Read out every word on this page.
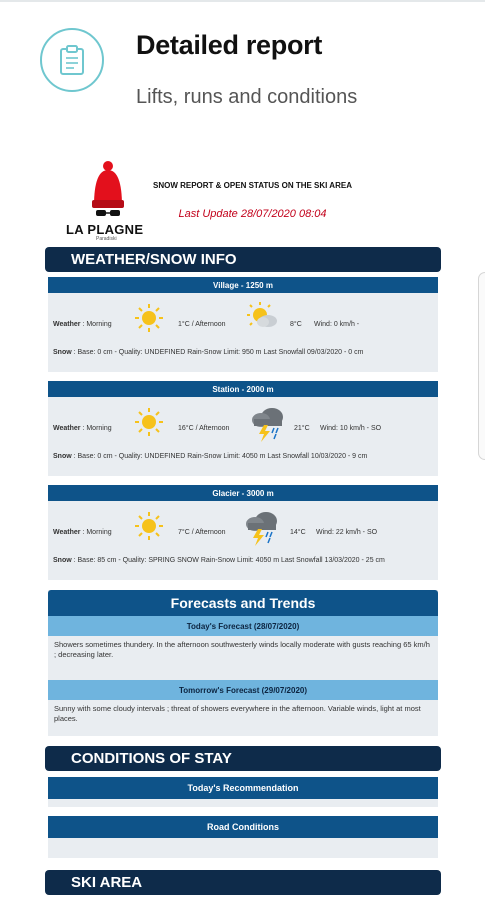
Detailed report
Lifts, runs and conditions
LA PLAGNE
Paradiski
SNOW REPORT & OPEN STATUS ON THE SKI AREA
Last Update 28/07/2020 08:04
WEATHER/SNOW INFO
Village - 1250 m
Weather : Morning	1°C / Afternoon	8°C Wind: 0 km/h -
Snow : Base: 0 cm - Quality: UNDEFINED Rain-Snow Limit: 950 m Last Snowfall 09/03/2020 - 0 cm
Station - 2000 m
Weather : Morning	16°C / Afternoon	21°C Wind: 10 km/h - SO
Snow : Base: 0 cm - Quality: UNDEFINED Rain-Snow Limit: 4050 m Last Snowfall 10/03/2020 - 9 cm
Glacier - 3000 m
Weather : Morning	7°C / Afternoon	14°C Wind: 22 km/h - SO
Snow : Base: 85 cm - Quality: SPRING SNOW Rain-Snow Limit: 4050 m Last Snowfall 13/03/2020 - 25 cm
Forecasts and Trends
Today's Forecast (28/07/2020)
Showers sometimes thundery. In the afternoon southwesterly winds locally moderate with gusts reaching 65 km/h ; decreasing later.
Tomorrow's Forecast (29/07/2020)
Sunny with some cloudy intervals ; threat of showers everywhere in the afternoon. Variable winds, light at most places.
CONDITIONS OF STAY
Today's Recommendation
Road Conditions
SKI AREA
